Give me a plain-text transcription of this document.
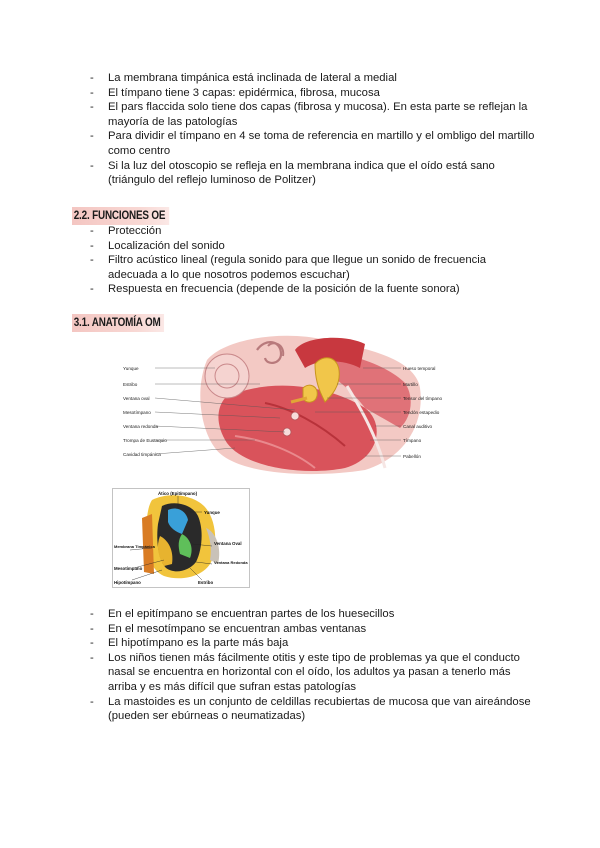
- La membrana timpánica está inclinada de lateral a medial
- El tímpano tiene 3 capas: epidérmica, fibrosa, mucosa
- El pars flaccida solo tiene dos capas (fibrosa y mucosa). En esta parte se reflejan la mayoría de las patologías
- Para dividir el tímpano en 4 se toma de referencia en martillo y el ombligo del martillo como centro
- Si la luz del otoscopio se refleja en la membrana indica que el oído está sano (triángulo del reflejo luminoso de Politzer)
2.2. FUNCIONES OE
- Protección
- Localización del sonido
- Filtro acústico lineal (regula sonido para que llegue un sonido de frecuencia adecuada a lo que nosotros podemos escuchar)
- Respuesta en frecuencia (depende de la posición de la fuente sonora)
3.1. ANATOMÍA OM
Yunque
Estribo
Ventana oval
Mesotímpano
Ventana redonda
Trompa de Eustaquio
Cavidad timpánica
Hueso temporal
Martillo
Tensor del tímpano
Tendón estapedio
Canal auditivo
Tímpano
Pabellón
Ático (Epitímpano)
Yunque
Ventana Oval
Membrana Timpánica
Mesotímpano
Ventana Redonda
Hipotímpano	Estribo
- En el epitímpano se encuentran partes de los huesecillos
- En el mesotímpano se encuentran ambas ventanas
- El hipotímpano es la parte más baja
- Los niños tienen más fácilmente otitis y este tipo de problemas ya que el conducto nasal se encuentra en horizontal con el oído, los adultos ya pasan a tenerlo más arriba y es más difícil que sufran estas patologías
- La mastoides es un conjunto de celdillas recubiertas de mucosa que van aireándose (pueden ser ebúrneas o neumatizadas)
